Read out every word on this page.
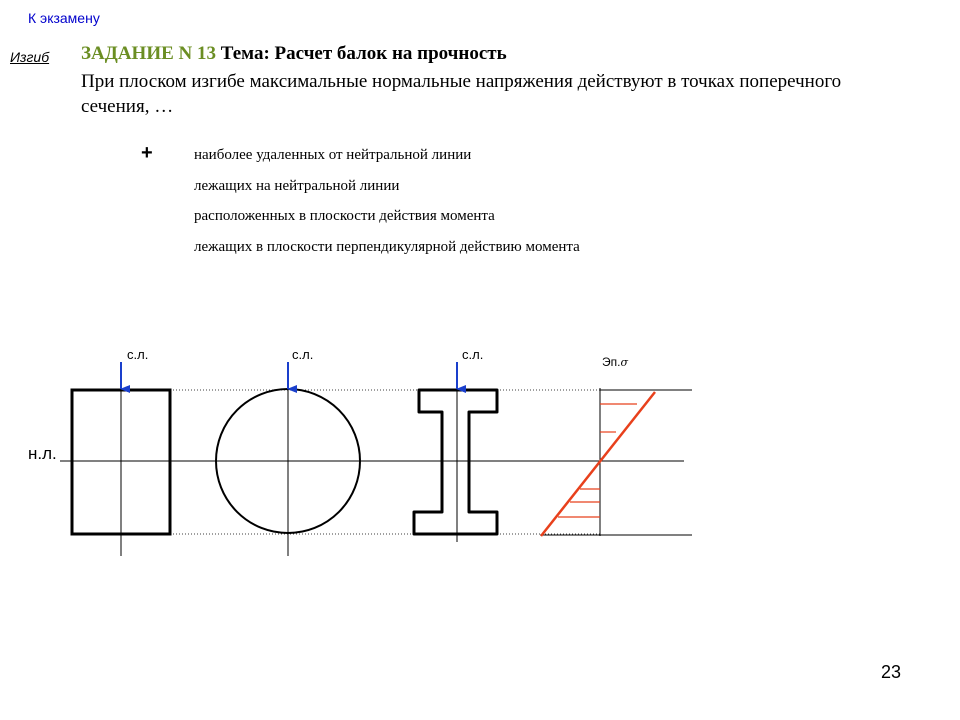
К экзамену
Изгиб ЗАДАНИЕ N 13 Тема: Расчет балок на прочность
При плоском изгибе максимальные нормальные напряжения действуют в точках поперечного сечения, …
+	наиболее удаленных от нейтральной линии
лежащих на нейтральной линии
расположенных в плоскости действия момента
лежащих в плоскости перпендикулярной действию момента
с.л.	с.л.	с.л.
н.л.
Эп.σ
23
